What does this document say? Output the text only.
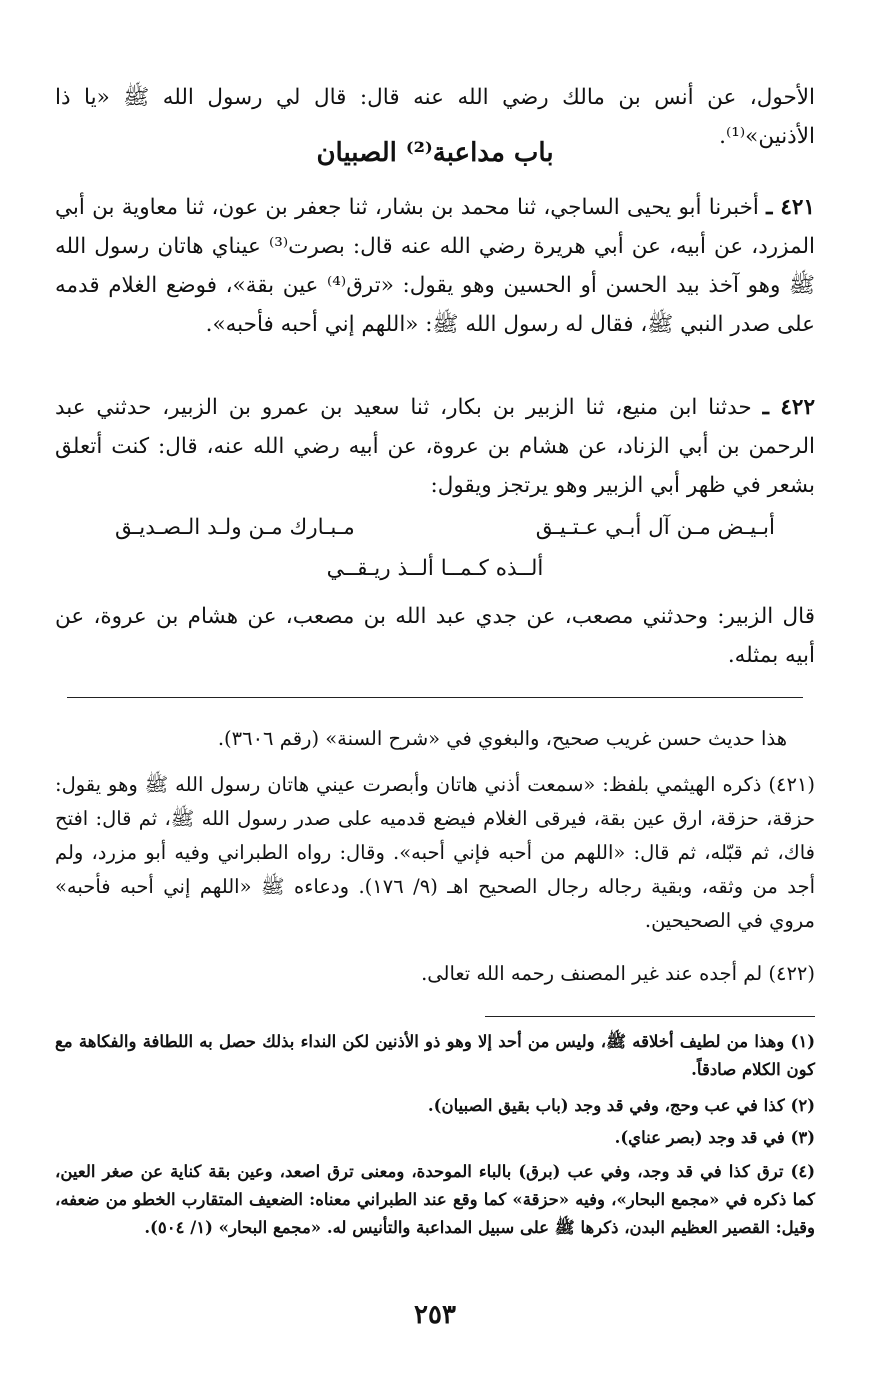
الأحول، عن أنس بن مالك رضي الله عنه قال: قال لي رسول الله ﷺ «يا ذا الأذنين»⁽¹⁾.

باب مداعبة⁽²⁾ الصبيان

٤٢١ ـ أخبرنا أبو يحيى الساجي، ثنا محمد بن بشار، ثنا جعفر بن عون، ثنا معاوية بن أبي المزرد، عن أبيه، عن أبي هريرة رضي الله عنه قال: بصرت⁽³⁾ عيناي هاتان رسول الله ﷺ وهو آخذ بيد الحسن أو الحسين وهو يقول: «ترق⁽⁴⁾ عين بقة»، فوضع الغلام قدمه على صدر النبي ﷺ، فقال له رسول الله ﷺ: «اللهم إني أحبه فأحبه».

٤٢٢ ـ حدثنا ابن منيع، ثنا الزبير بن بكار، ثنا سعيد بن عمرو بن الزبير، حدثني عبد الرحمن بن أبي الزناد، عن هشام بن عروة، عن أبيه رضي الله عنه، قال: كنت أتعلق بشعر في ظهر أبي الزبير وهو يرتجز ويقول:

أبـيـض مـن آل أبـي عـتـيـق
مـبـارك مـن ولـد الـصـديـق
ألــذه كـمــا ألــذ ريـقــي

قال الزبير: وحدثني مصعب، عن جدي عبد الله بن مصعب، عن هشام بن عروة، عن أبيه بمثله.

هذا حديث حسن غريب صحيح، والبغوي في «شرح السنة» (رقم ٣٦٠٦).

(٤٢١) ذكره الهيثمي بلفظ: «سمعت أذني هاتان وأبصرت عيني هاتان رسول الله ﷺ وهو يقول: حزقة، حزقة، ارق عين بقة، فيرقى الغلام فيضع قدميه على صدر رسول الله ﷺ، ثم قال: افتح فاك، ثم قبّله، ثم قال: «اللهم من أحبه فإني أحبه». وقال: رواه الطبراني وفيه أبو مزرد، ولم أجد من وثقه، وبقية رجاله رجال الصحيح اهـ (٩/ ١٧٦). ودعاءه ﷺ «اللهم إني أحبه فأحبه» مروي في الصحيحين.

(٤٢٢) لم أجده عند غير المصنف رحمه الله تعالى.

(١) وهذا من لطيف أخلاقه ﷺ، وليس من أحد إلا وهو ذو الأذنين لكن النداء بذلك حصل به اللطافة والفكاهة مع كون الكلام صادقاً.

(٢) كذا في عب وحج، وفي قد وجد (باب بقيق الصبيان).

(٣) في قد وجد (بصر عناي).

(٤) ترق كذا في قد وجد، وفي عب (برق) بالباء الموحدة، ومعنى ترق اصعد، وعين بقة كناية عن صغر العين، كما ذكره في «مجمع البحار»، وفيه «حزقة» كما وقع عند الطبراني معناه: الضعيف المتقارب الخطو من ضعفه، وقيل: القصير العظيم البدن، ذكرها ﷺ على سبيل المداعبة والتأنيس له. «مجمع البحار» (١/ ٥٠٤).

٢٥٣
